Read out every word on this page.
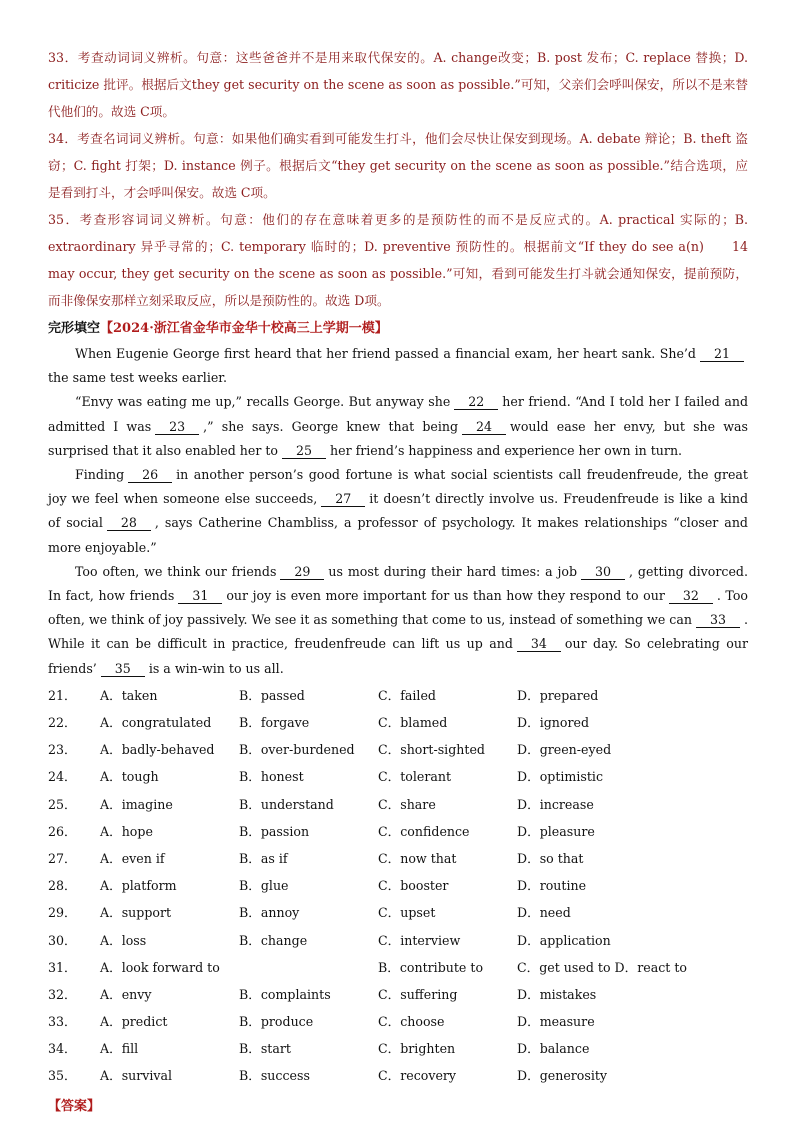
33．考查动词词义辨析。句意：这些爸爸并不是用来取代保安的。A. change改变；B. post 发布；C. replace 替换；D. criticize 批评。根据后文they get security on the scene as soon as possible.”可知，父亲们会呼叫保安，所以不是来替代他们的。故选 C项。

34．考查名词词义辨析。句意：如果他们确实看到可能发生打斗，他们会尽快让保安到现场。A. debate 辩论；B. theft 盗窃；C. fight 打架；D. instance 例子。根据后文“they get security on the scene as soon as possible.”结合选项，应是看到打斗，才会呼叫保安。故选 C项。

35．考查形容词词义辨析。句意：他们的存在意味着更多的是预防性的而不是反应式的。A. practical 实际的；B. extraordinary 异乎寻常的；C. temporary 临时的；D. preventive 预防性的。根据前文“If they do see a(n)　　14　　may occur, they get security on the scene as soon as possible.”可知，看到可能发生打斗就会通知保安，提前预防，而非像保安那样立刻采取反应，所以是预防性的。故选 D项。

完形填空【2024·浙江省金华市金华十校高三上学期一模】

When Eugenie George first heard that her friend passed a financial exam, her heart sank. She’d 21the same test weeks earlier.

“Envy was eating me up,” recalls George. But anyway she 22 her friend. “And I told her I failed and admitted I was 23 ,” she says. George knew that being 24 would ease her envy, but she was surprised that it also enabled her to 25 her friend’s happiness and experience her own in turn.

Finding 26 in another person’s good fortune is what social scientists call freudenfreude, the great joy we feel when someone else succeeds, 27 it doesn’t directly involve us. Freudenfreude is like a kind of social 28 , says Catherine Chambliss, a professor of psychology. It makes relationships “closer and more enjoyable.”

Too often, we think our friends 29 us most during their hard times: a job 30 , getting divorced. In fact, how friends 31 our joy is even more important for us than how they respond to our 32 . Too often, we think of joy passively. We see it as something that come to us, instead of something we can 33 . While it can be difficult in practice, freudenfreude can lift us up and 34 our day. So celebrating our friends’ 35 is a win-win to us all.

21．	A．taken	B．passed	C．failed	D．prepared
22．	A．congratulated	B．forgave	C．blamed	D．ignored
23．	A．badly-behaved	B．over-burdened	C．short-sighted	D．green-eyed
24．	A．tough	B．honest	C．tolerant	D．optimistic
25．	A．imagine	B．understand	C．share	D．increase
26．	A．hope	B．passion	C．confidence	D．pleasure
27．	A．even if	B．as if	C．now that	D．so that
28．	A．platform	B．glue	C．booster	D．routine
29．	A．support	B．annoy	C．upset	D．need
30．	A．loss	B．change	C．interview	D．application
31．	A．look forward to	B．contribute to	C．get used to D．react to
32．	A．envy	B．complaints	C．suffering	D．mistakes
33．	A．predict	B．produce	C．choose	D．measure
34．	A．fill	B．start	C．brighten	D．balance
35．	A．survival	B．success	C．recovery	D．generosity
【答案】
